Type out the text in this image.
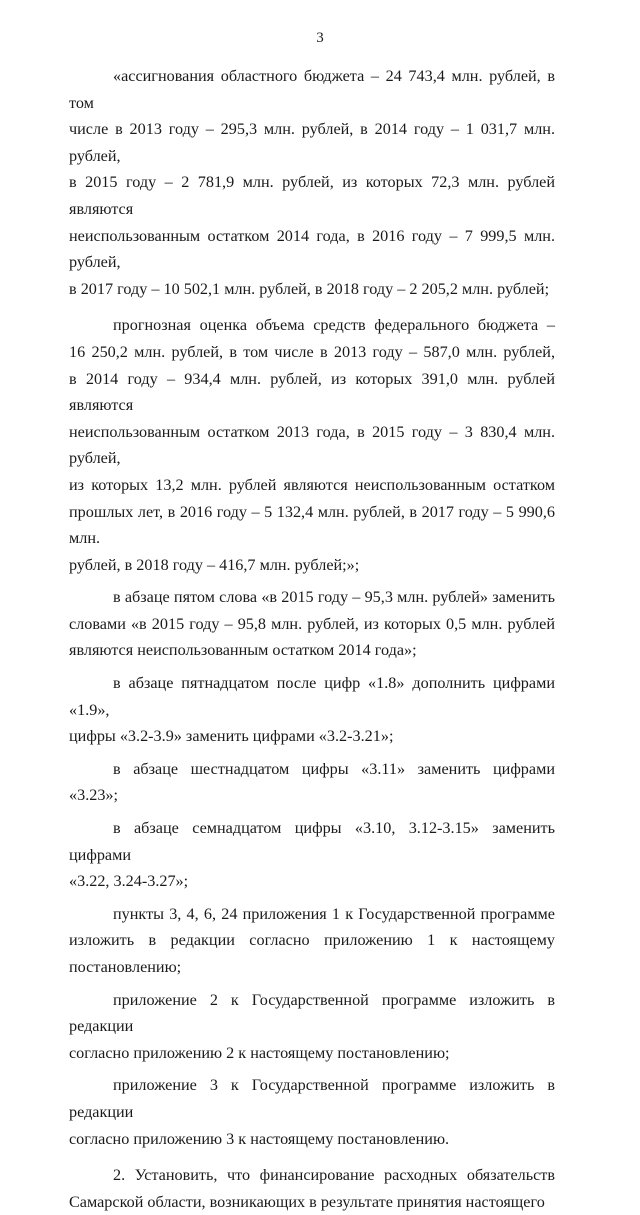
3
«ассигнования областного бюджета – 24 743,4 млн. рублей, в том
числе в 2013 году – 295,3 млн. рублей, в 2014 году – 1 031,7 млн. рублей,
в 2015 году – 2 781,9 млн. рублей, из которых 72,3 млн. рублей являются
неиспользованным остатком 2014 года, в 2016 году – 7 999,5 млн. рублей,
в 2017 году – 10 502,1 млн. рублей, в 2018 году – 2 205,2 млн. рублей;
прогнозная оценка объема средств федерального бюджета –
16 250,2 млн. рублей, в том числе в 2013 году – 587,0 млн. рублей,
в 2014 году – 934,4 млн. рублей, из которых 391,0 млн. рублей являются
неиспользованным остатком 2013 года, в 2015 году – 3 830,4 млн. рублей,
из которых 13,2 млн. рублей являются неиспользованным остатком
прошлых лет, в 2016 году – 5 132,4 млн. рублей, в 2017 году – 5 990,6 млн.
рублей, в 2018 году – 416,7 млн. рублей;»;
в абзаце пятом слова «в 2015 году – 95,3 млн. рублей» заменить
словами «в 2015 году – 95,8 млн. рублей, из которых 0,5 млн. рублей
являются неиспользованным остатком 2014 года»;
в абзаце пятнадцатом после цифр «1.8» дополнить цифрами «1.9»,
цифры «3.2-3.9» заменить цифрами «3.2-3.21»;
в абзаце шестнадцатом цифры «3.11» заменить цифрами
«3.23»;
в абзаце семнадцатом цифры «3.10, 3.12-3.15» заменить цифрами
«3.22, 3.24-3.27»;
пункты 3, 4, 6, 24 приложения 1 к Государственной программе
изложить в редакции согласно приложению 1 к настоящему
постановлению;
приложение 2 к Государственной программе изложить в редакции
согласно приложению 2 к настоящему постановлению;
приложение 3 к Государственной программе изложить в редакции
согласно приложению 3 к настоящему постановлению.
2. Установить, что финансирование расходных обязательств
Самарской области, возникающих в результате принятия настоящего
